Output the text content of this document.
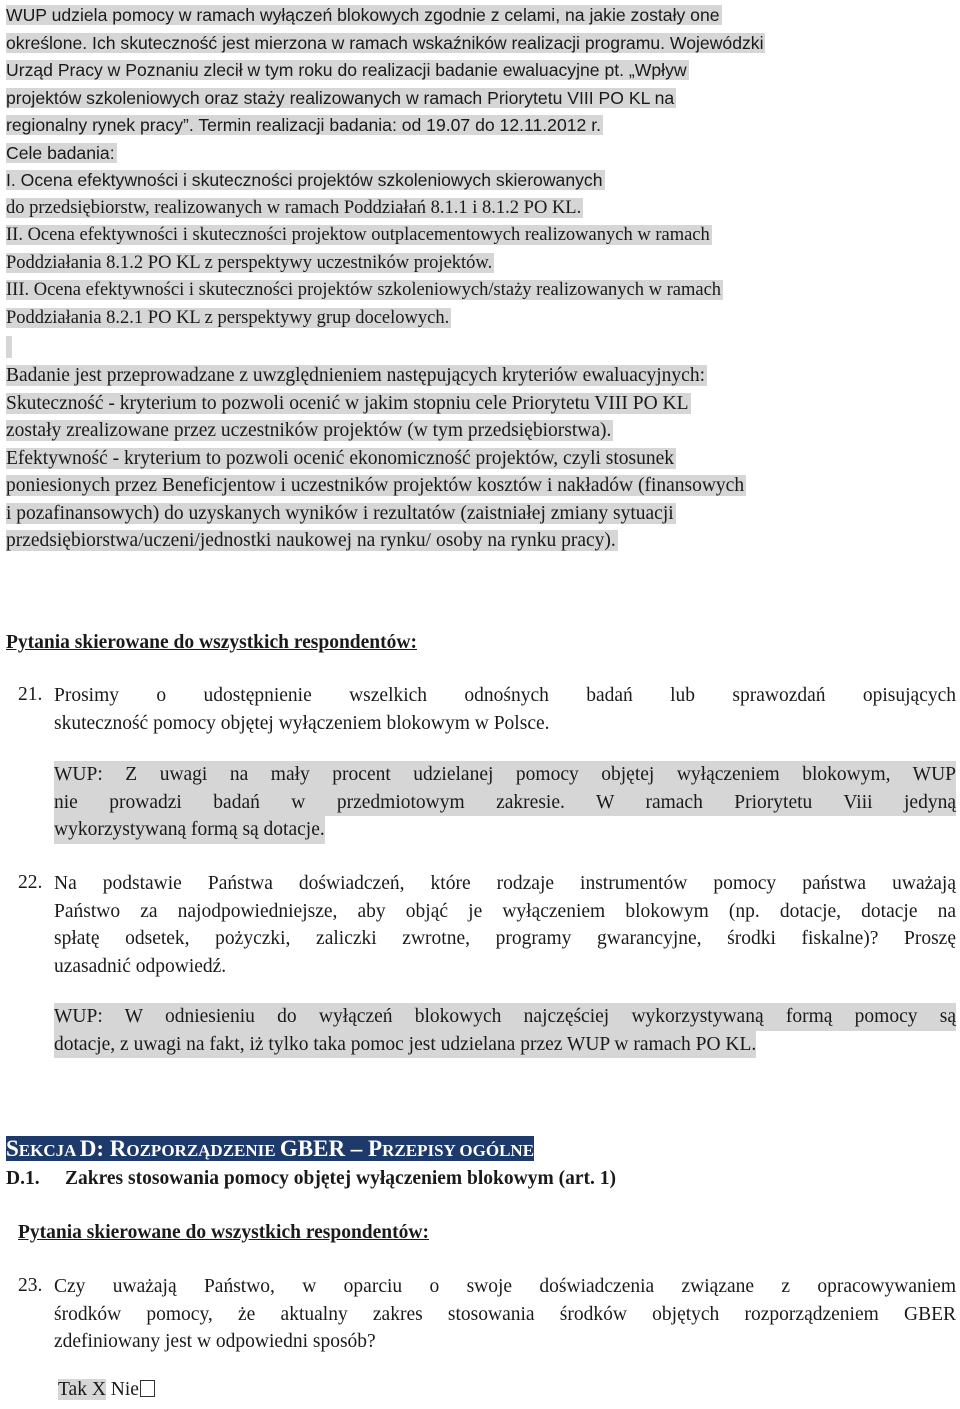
WUP udziela pomocy w ramach wyłączeń blokowych zgodnie z celami, na jakie zostały one
określone. Ich skuteczność jest mierzona w ramach wskaźników realizacji programu. Wojewódzki
Urząd Pracy w Poznaniu zlecił w tym roku do realizacji badanie ewaluacyjne pt. „Wpływ
projektów szkoleniowych oraz staży realizowanych w ramach Priorytetu VIII PO KL na
regionalny rynek pracy”. Termin realizacji badania: od 19.07 do 12.11.2012 r.
Cele badania:
I. Ocena efektywności i skuteczności projektów szkoleniowych skierowanych
do przedsiębiorstw, realizowanych w ramach Poddziałań 8.1.1 i 8.1.2 PO KL.
II. Ocena efektywności i skuteczności projektow outplacementowych realizowanych w ramach
Poddziałania 8.1.2 PO KL z perspektywy uczestników projektów.
III. Ocena efektywności i skuteczności projektów szkoleniowych/staży realizowanych w ramach
Poddziałania 8.2.1 PO KL z perspektywy grup docelowych.
Badanie jest przeprowadzane z uwzględnieniem następujących kryteriów ewaluacyjnych:
Skuteczność - kryterium to pozwoli ocenić w jakim stopniu cele Priorytetu VIII PO KL
zostały zrealizowane przez uczestników projektów (w tym przedsiębiorstwa).
Efektywność - kryterium to pozwoli ocenić ekonomiczność projektów, czyli stosunek
poniesionych przez Beneficjentow i uczestników projektów kosztów i nakładów (finansowych
i pozafinansowych) do uzyskanych wyników i rezultatów (zaistniałej zmiany sytuacji
przedsiębiorstwa/uczeni/jednostki naukowej na rynku/ osoby na rynku pracy).
Pytania skierowane do wszystkich respondentów:
21. Prosimy o udostępnienie wszelkich odnośnych badań lub sprawozdań opisujących
skuteczność pomocy objętej wyłączeniem blokowym w Polsce.
WUP: Z uwagi na mały procent udzielanej pomocy objętej wyłączeniem blokowym, WUP
nie prowadzi badań w przedmiotowym zakresie. W ramach Priorytetu Viii jedyną
wykorzystywaną formą są dotacje.
22. Na podstawie Państwa doświadczeń, które rodzaje instrumentów pomocy państwa uważają
Państwo za najodpowiedniejsze, aby objąć je wyłączeniem blokowym (np. dotacje, dotacje na
spłatę odsetek, pożyczki, zaliczki zwrotne, programy gwarancyjne, środki fiskalne)? Proszę
uzasadnić odpowiedź.
WUP: W odniesieniu do wyłączeń blokowych najczęściej wykorzystywaną formą pomocy są
dotacje, z uwagi na fakt, iż tylko taka pomoc jest udzielana przez WUP w ramach PO KL.
SEKCJA D: ROZPORZĄDZENIE GBER – PRZEPISY OGÓLNE
D.1. Zakres stosowania pomocy objętej wyłączeniem blokowym (art. 1)
Pytania skierowane do wszystkich respondentów:
23. Czy uważają Państwo, w oparciu o swoje doświadczenia związane z opracowywaniem
środków pomocy, że aktualny zakres stosowania środków objętych rozporządzeniem GBER
zdefiniowany jest w odpowiedni sposób?
Tak X Nie
